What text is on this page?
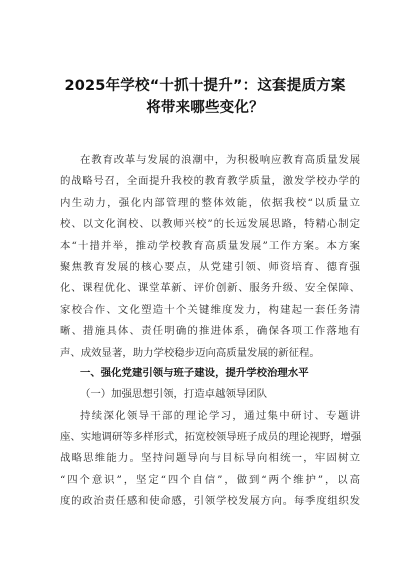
2025年学校“十抓十提升”：这套提质方案
将带来哪些变化？

在教育改革与发展的浪潮中，为积极响应教育高质量发展

的战略号召，全面提升我校的教育教学质量，激发学校办学的

内生动力，强化内部管理的整体效能，依据我校“以质量立

校、以文化润校、以教师兴校”的长远发展思路，特精心制定

本“十措并举，推动学校教育高质量发展”工作方案。本方案

聚焦教育发展的核心要点，从党建引领、师资培育、德育强

化、课程优化、课堂革新、评价创新、服务升级、安全保障、

家校合作、文化塑造十个关键维度发力，构建起一套任务清

晰、措施具体、责任明确的推进体系，确保各项工作落地有

声、成效显著，助力学校稳步迈向高质量发展的新征程。

一、强化党建引领与班子建设，提升学校治理水平

（一）加强思想引领，打造卓越领导团队

持续深化领导干部的理论学习，通过集中研讨、专题讲

座、实地调研等多样形式，拓宽校领导班子成员的理论视野，增强

战略思维能力。坚持问题导向与目标导向相统一，牢固树立

“四个意识”，坚定“四个自信”，做到“两个维护”，以高

度的政治责任感和使命感，引领学校发展方向。每季度组织发
